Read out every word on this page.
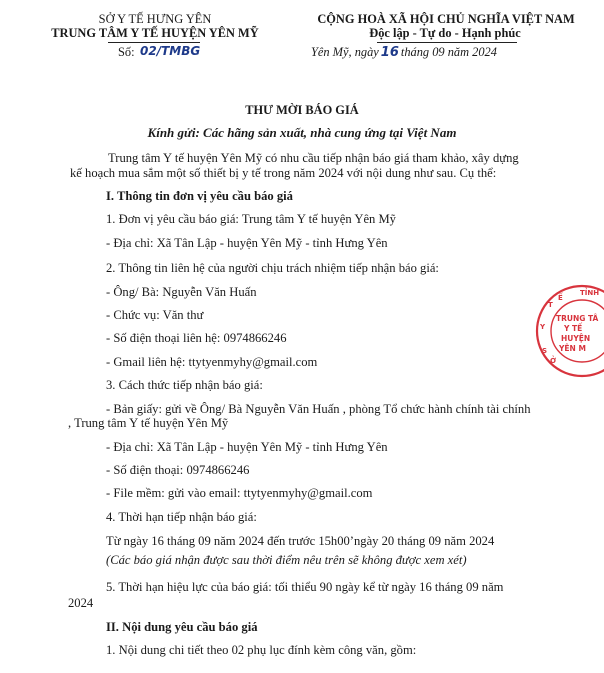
SỞ Y TẾ HƯNG YÊN
TRUNG TÂM Y TẾ HUYỆN YÊN MỸ
Số: 02/TMBG
CỘNG HOÀ XÃ HỘI CHỦ NGHĨA VIỆT NAM
Độc lập - Tự do - Hạnh phúc
Yên Mỹ, ngày 16 tháng 09 năm 2024
THƯ MỜI BÁO GIÁ
Kính gửi: Các hãng sản xuất, nhà cung ứng tại Việt Nam
Trung tâm Y tế huyện Yên Mỹ có nhu cầu tiếp nhận báo giá tham khảo, xây dựng
kế hoạch mua sắm một số thiết bị y tế trong năm 2024 với nội dung như sau. Cụ thể:
I. Thông tin đơn vị yêu cầu báo giá
1. Đơn vị yêu cầu báo giá: Trung tâm Y tế huyện Yên Mỹ
- Địa chỉ: Xã Tân Lập - huyện Yên Mỹ - tỉnh Hưng Yên
2. Thông tin liên hệ của người chịu trách nhiệm tiếp nhận báo giá:
- Ông/ Bà: Nguyễn Văn Huấn
- Chức vụ: Văn thư
- Số điện thoại liên hệ: 0974866246
- Gmail liên hệ: ttytyenmyhy@gmail.com
3. Cách thức tiếp nhận báo giá:
- Bản giấy: gửi về Ông/ Bà Nguyễn Văn Huấn , phòng Tổ chức hành chính tài chính
, Trung tâm Y tế huyện Yên Mỹ
- Địa chỉ: Xã Tân Lập - huyện Yên Mỹ - tỉnh Hưng Yên
- Số điện thoại: 0974866246
- File mềm: gửi vào email: ttytyenmyhy@gmail.com
4. Thời hạn tiếp nhận báo giá:
Từ ngày 16 tháng 09 năm 2024 đến trước 15h00’ngày 20 tháng 09 năm 2024
(Các báo giá nhận được sau thời điểm nêu trên sẽ không được xem xét)
5. Thời hạn hiệu lực của báo giá: tối thiểu 90 ngày kể từ ngày 16 tháng 09 năm
2024
II. Nội dung yêu cầu báo giá
1. Nội dung chi tiết theo 02 phụ lục đính kèm công văn, gồm:
TỈNH
T
Ế
Y
S
Ở
TRUNG TÂ
Y TẾ
HUYỆN
YÊN M
